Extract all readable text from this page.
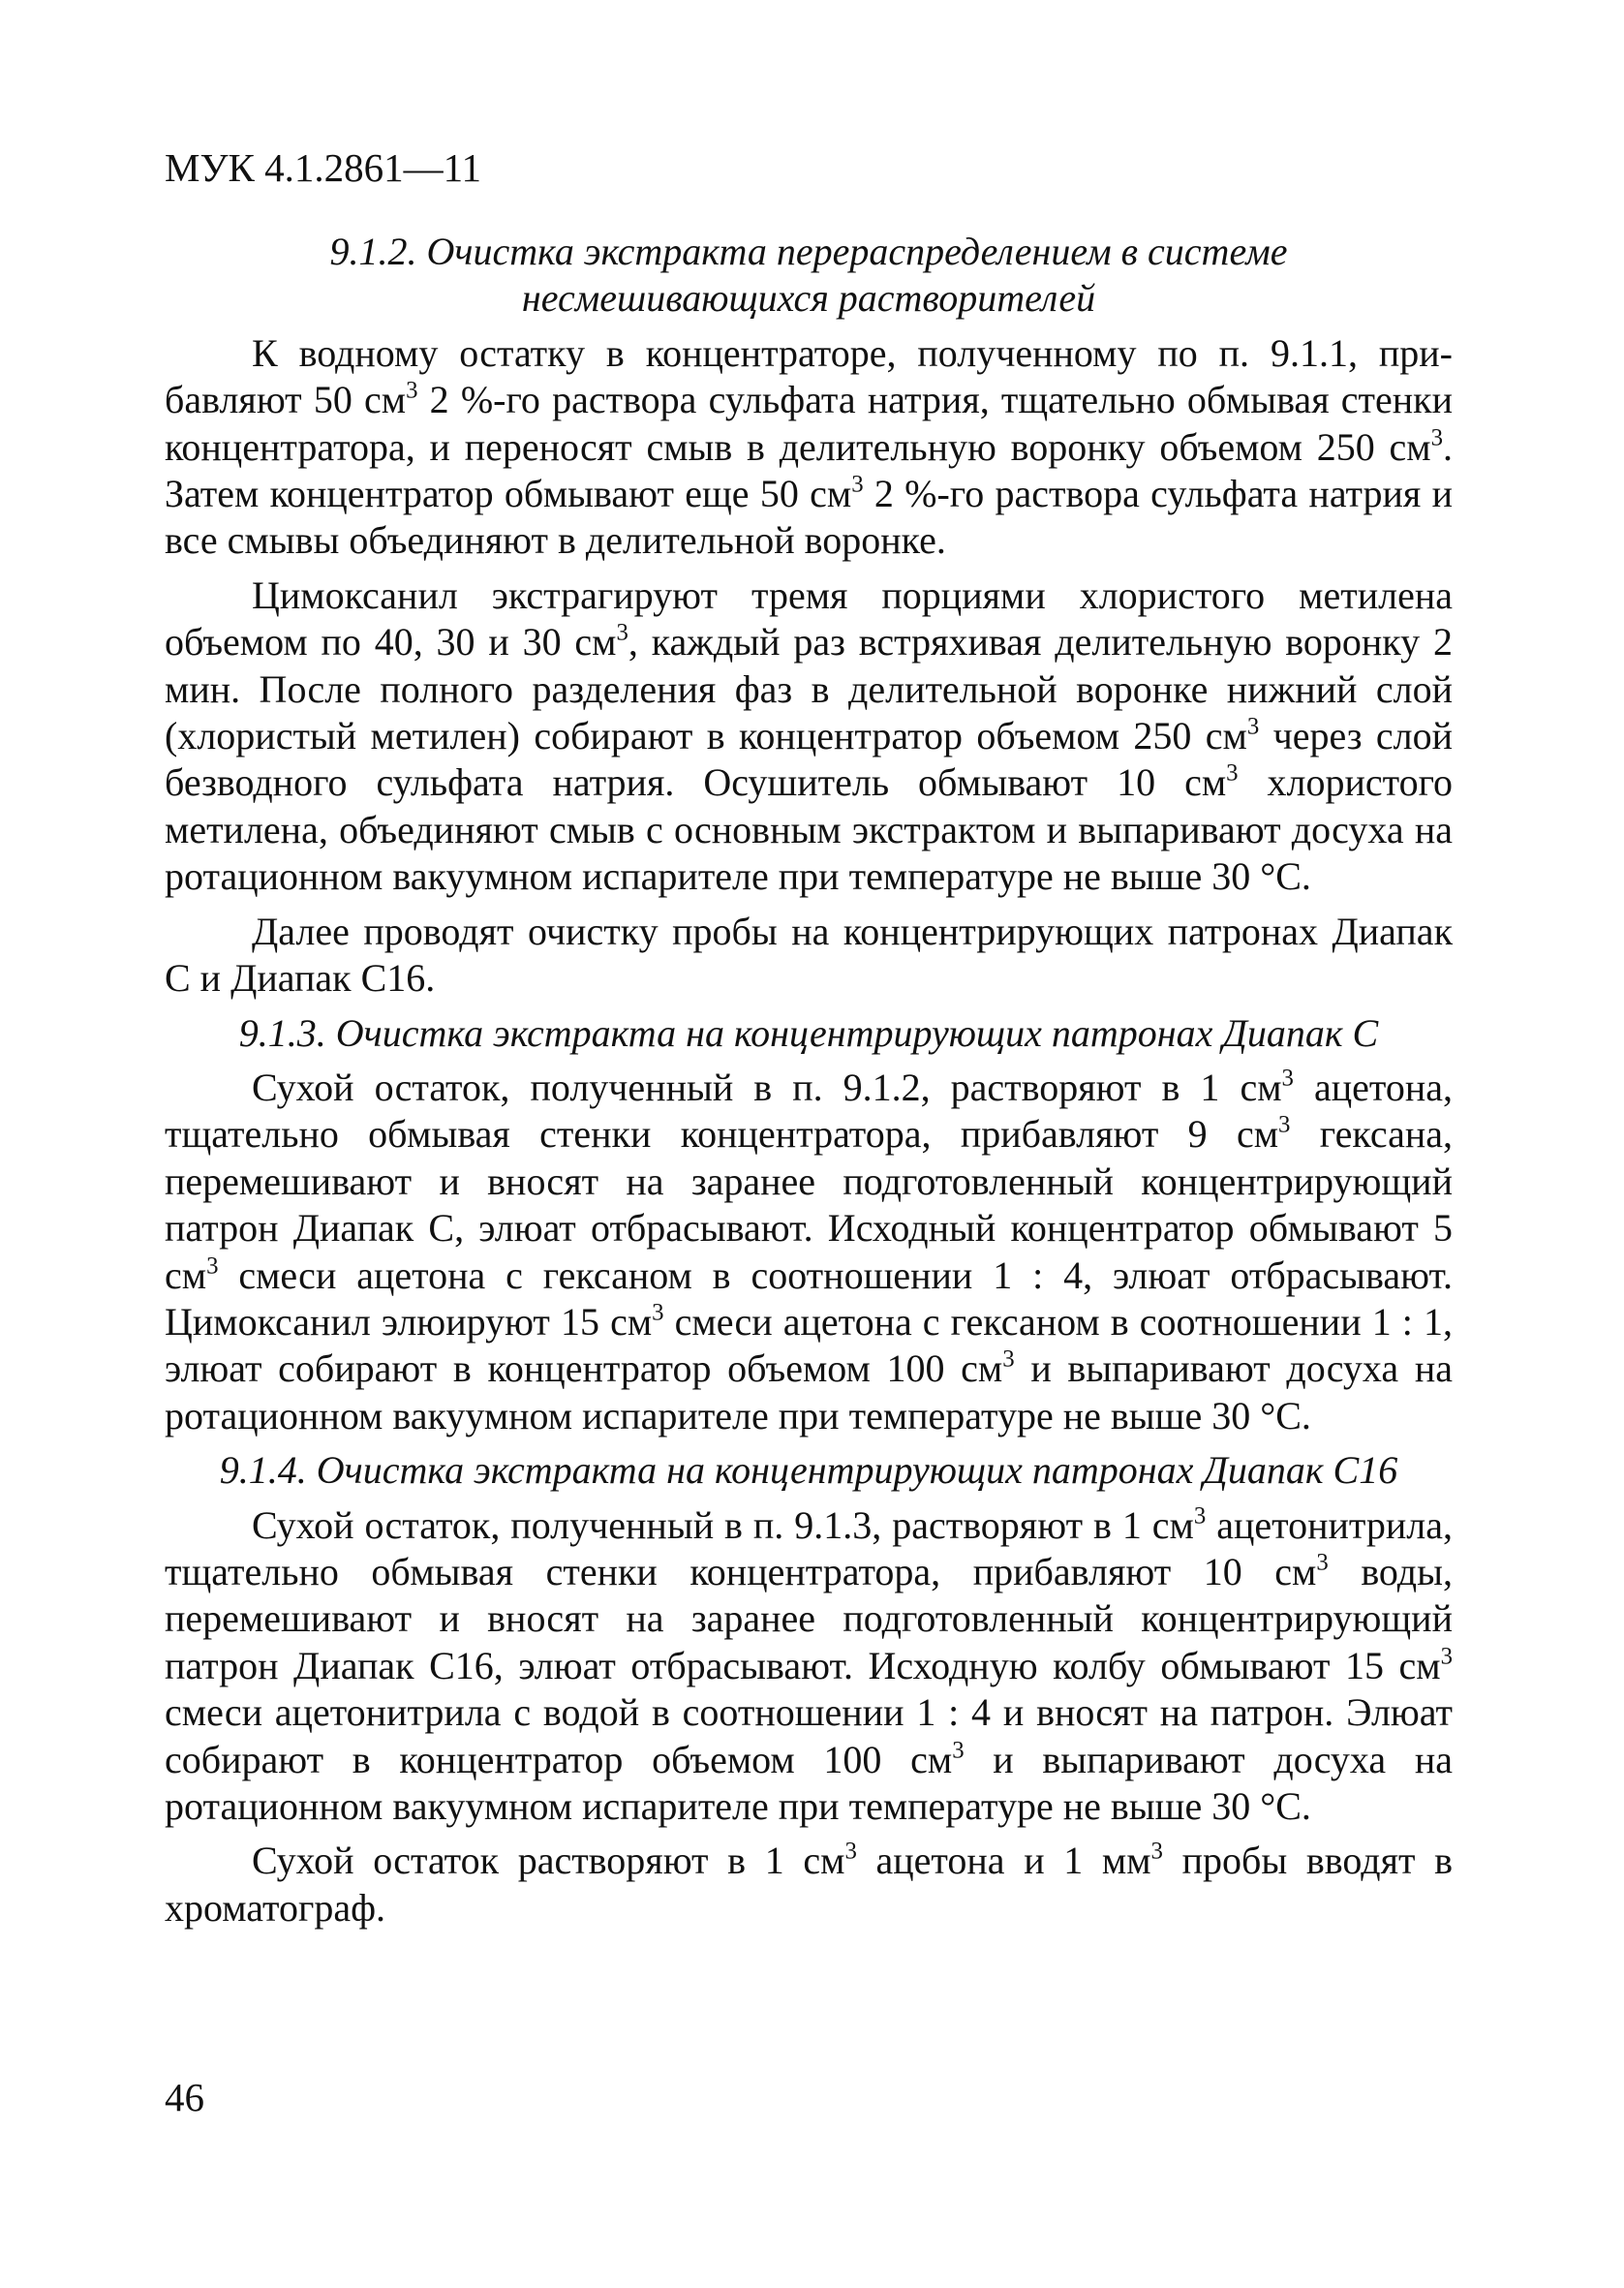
МУК 4.1.2861—11

9.1.2. Очистка экстракта перераспределением в системе
несмешивающихся растворителей

К водному остатку в концентраторе, полученному по п. 9.1.1, прибавляют 50 $см^3$ 2 %-го раствора сульфата натрия, тщательно обмывая стенки концентратора, и переносят смыв в делительную воронку объемом 250 $см^3$. Затем концентратор обмывают еще 50 $см^3$ 2 %-го раствора сульфата натрия и все смывы объединяют в делительной воронке.

Цимоксанил экстрагируют тремя порциями хлористого метилена объемом по 40, 30 и 30 $см^3$, каждый раз встряхивая делительную воронку 2 мин. После полного разделения фаз в делительной воронке нижний слой (хлористый метилен) собирают в концентратор объемом 250 $см^3$ через слой безводного сульфата натрия. Осушитель обмывают 10 $см^3$ хлористого метилена, объединяют смыв с основным экстрактом и выпаривают досуха на ротационном вакуумном испарителе при температуре не выше 30 °С.

Далее проводят очистку пробы на концентрирующих патронах Диапак С и Диапак С16.

9.1.3. Очистка экстракта на концентрирующих патронах Диапак С

Сухой остаток, полученный в п. 9.1.2, растворяют в 1 $см^3$ ацетона, тщательно обмывая стенки концентратора, прибавляют 9 $см^3$ гексана, перемешивают и вносят на заранее подготовленный концентрирующий патрон Диапак С, элюат отбрасывают. Исходный концентратор обмывают 5 $см^3$ смеси ацетона с гексаном в соотношении 1 : 4, элюат отбрасывают. Цимоксанил элюируют 15 $см^3$ смеси ацетона с гексаном в соотношении 1 : 1, элюат собирают в концентратор объемом 100 $см^3$ и выпаривают досуха на ротационном вакуумном испарителе при температуре не выше 30 °С.

9.1.4. Очистка экстракта на концентрирующих патронах Диапак С16

Сухой остаток, полученный в п. 9.1.3, растворяют в 1 $см^3$ ацетонитрила, тщательно обмывая стенки концентратора, прибавляют 10 $см^3$ воды, перемешивают и вносят на заранее подготовленный концентрирующий патрон Диапак С16, элюат отбрасывают. Исходную колбу обмывают 15 $см^3$ смеси ацетонитрила с водой в соотношении 1 : 4 и вносят на патрон. Элюат собирают в концентратор объемом 100 $см^3$ и выпаривают досуха на ротационном вакуумном испарителе при температуре не выше 30 °С.

Сухой остаток растворяют в 1 $см^3$ ацетона и 1 $мм^3$ пробы вводят в хроматограф.

46
